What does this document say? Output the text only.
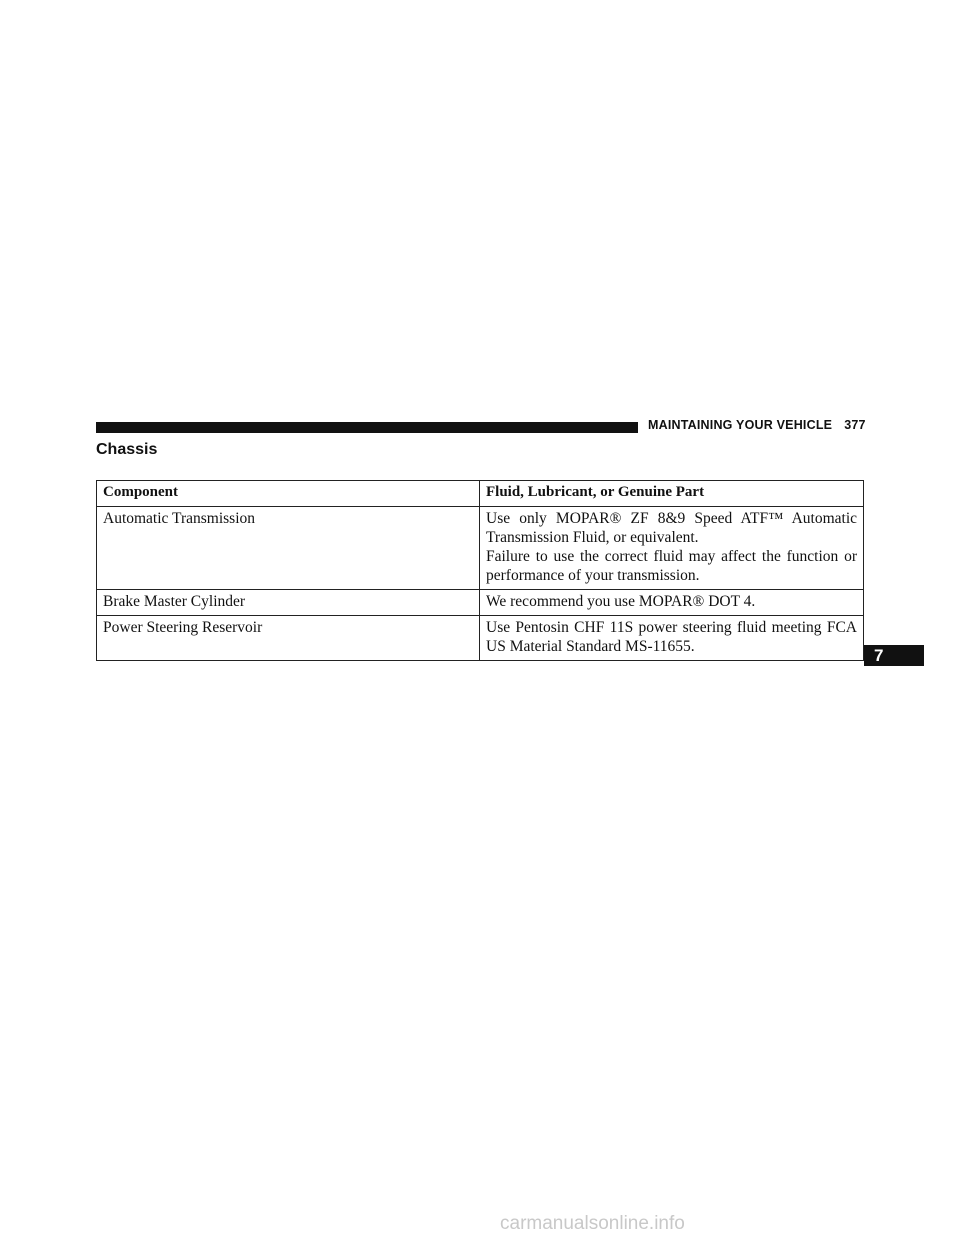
MAINTAINING YOUR VEHICLE 377
Chassis
Component	Fluid, Lubricant, or Genuine Part
Automatic Transmission	Use only MOPAR® ZF 8&9 Speed ATF™ Automatic Transmission Fluid, or equivalent.
Failure to use the correct fluid may affect the function or performance of your transmission.

Brake Master Cylinder	We recommend you use MOPAR® DOT 4.

Power Steering Reservoir	Use Pentosin CHF 11S power steering fluid meeting FCA US Material Standard MS-11655.	7
carmanualsonline.info
